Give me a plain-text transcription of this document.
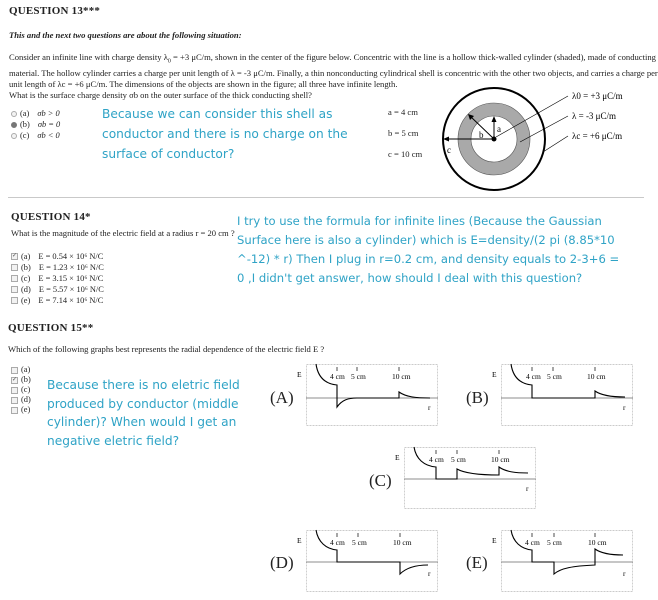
QUESTION 13***
This and the next two questions are about the following situation:
Consider an infinite line with charge density $\lambda_0 = +3$ μC/m, shown in the center of the figure below. Concentric with the line is a hollow thick-walled cylinder (shaded), made of conducting
material. The hollow cylinder carries a charge per unit length of λ = -3 μC/m. Finally, a thin nonconducting cylindrical shell is concentric with the other two objects, and carries a charge per
unit length of λc = +6 μC/m. The dimensions of the objects are shown in the figure; all three have infinite length.
What is the surface charge density σb on the outer surface of the thick conducting shell?
(a)
σb > 0
(b)
σb = 0
(c)
σb < 0
Because we can consider this shell as
conductor and there is no charge on the
surface of conductor?
a = 4 cm
b = 5 cm
c = 10 cm
a
b
c
λ0 = +3 μC/m
λ = -3 μC/m
λc = +6 μC/m
QUESTION 14*
What is the magnitude of the electric field at a radius r = 20 cm ?
✓ (a)
E = 0.54 × 10⁶ N/C
(b)
E = 1.23 × 10⁶ N/C
(c)
E = 3.15 × 10⁶ N/C
(d)
E = 5.57 × 10⁶ N/C
(e)
E = 7.14 × 10⁶ N/C
I try to use the formula for infinite lines (Because the Gaussian
Surface here is also a cylinder) which is E=density/(2 pi (8.85*10
^-12) * r) Then I plug in r=0.2 cm, and density equals to 2-3+6 =
0 ,I didn't get answer, how should I deal with this question?
QUESTION 15**
Which of the following graphs best represents the radial dependence of the electric field E ?
(a)
✓ (b)
(c)
(d)
(e)
Because there is no eletric field
produced by conductor (middle
cylinder)? When would I get an
negative eletric field?
(A)
E	4 cm 5 cm	10 cm
r
(B)
E	4 cm 5 cm	10 cm
r
(C)
E	4 cm 5 cm	10 cm
r
(D)
E	4 cm 5 cm	10 cm
r
(E)
E	4 cm 5 cm	10 cm
r
